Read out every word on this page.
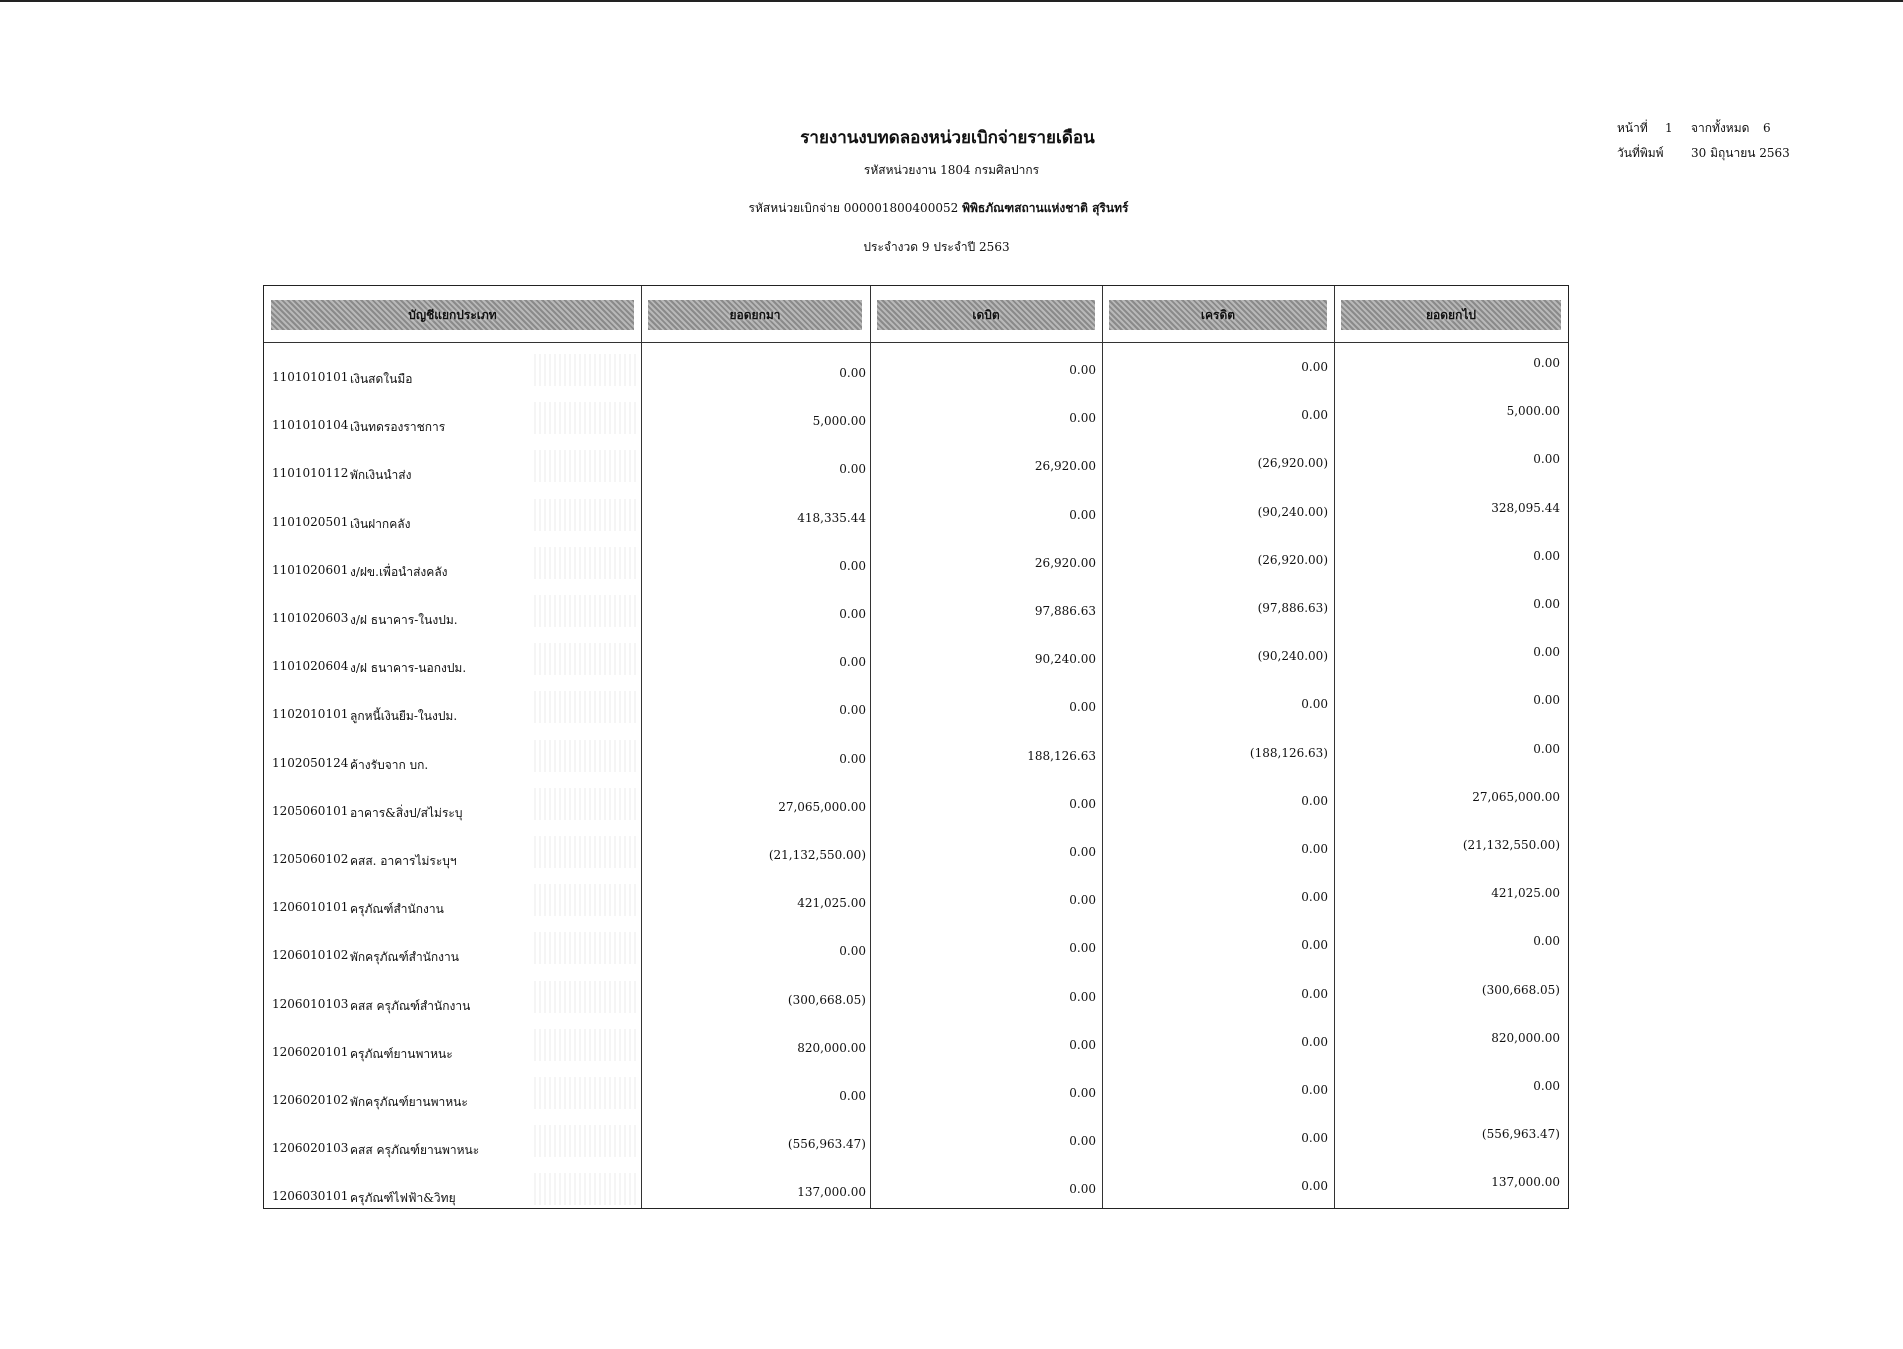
รายงานงบทดลองหน่วยเบิกจ่ายรายเดือน
รหัสหน่วยงาน 1804 กรมศิลปากร
รหัสหน่วยเบิกจ่าย 000001800400052 พิพิธภัณฑสถานแห่งชาติ สุรินทร์
ประจำงวด 9 ประจำปี 2563
หน้าที่ 1 จากทั้งหมด 6
วันที่พิมพ์ 30 มิถุนายน 2563
บัญชีแยกประเภท	ยอดยกมา	เดบิต	เครดิต	ยอดยกไป
1101010101 เงินสดในมือ	0.00	0.00	0.00	0.00
1101010104 เงินทดรองราชการ	5,000.00	0.00	0.00	5,000.00
1101010112 พักเงินนำส่ง	0.00	26,920.00	(26,920.00)	0.00
1101020501 เงินฝากคลัง	418,335.44	0.00	(90,240.00)	328,095.44
1101020601 ง/ฝข.เพื่อนำส่งคลัง	0.00	26,920.00	(26,920.00)	0.00
1101020603 ง/ฝ ธนาคาร-ในงปม.	0.00	97,886.63	(97,886.63)	0.00
1101020604 ง/ฝ ธนาคาร-นอกงปม.	0.00	90,240.00	(90,240.00)	0.00
1102010101 ลูกหนี้เงินยืม-ในงปม.	0.00	0.00	0.00	0.00
1102050124 ค้างรับจาก บก.	0.00	188,126.63	(188,126.63)	0.00
1205060101 อาคาร&สิ่งป/สไม่ระบุ	27,065,000.00	0.00	0.00	27,065,000.00
1205060102 คสส. อาคารไม่ระบุฯ	(21,132,550.00)	0.00	0.00	(21,132,550.00)
1206010101 ครุภัณฑ์สำนักงาน	421,025.00	0.00	0.00	421,025.00
1206010102 พักครุภัณฑ์สำนักงาน	0.00	0.00	0.00	0.00
1206010103 คสส ครุภัณฑ์สำนักงาน	(300,668.05)	0.00	0.00	(300,668.05)
1206020101 ครุภัณฑ์ยานพาหนะ	820,000.00	0.00	0.00	820,000.00
1206020102 พักครุภัณฑ์ยานพาหนะ	0.00	0.00	0.00	0.00
1206020103 คสส ครุภัณฑ์ยานพาหนะ	(556,963.47)	0.00	0.00	(556,963.47)
1206030101 ครุภัณฑ์ไฟฟ้า&วิทยุ	137,000.00	0.00	0.00	137,000.00
